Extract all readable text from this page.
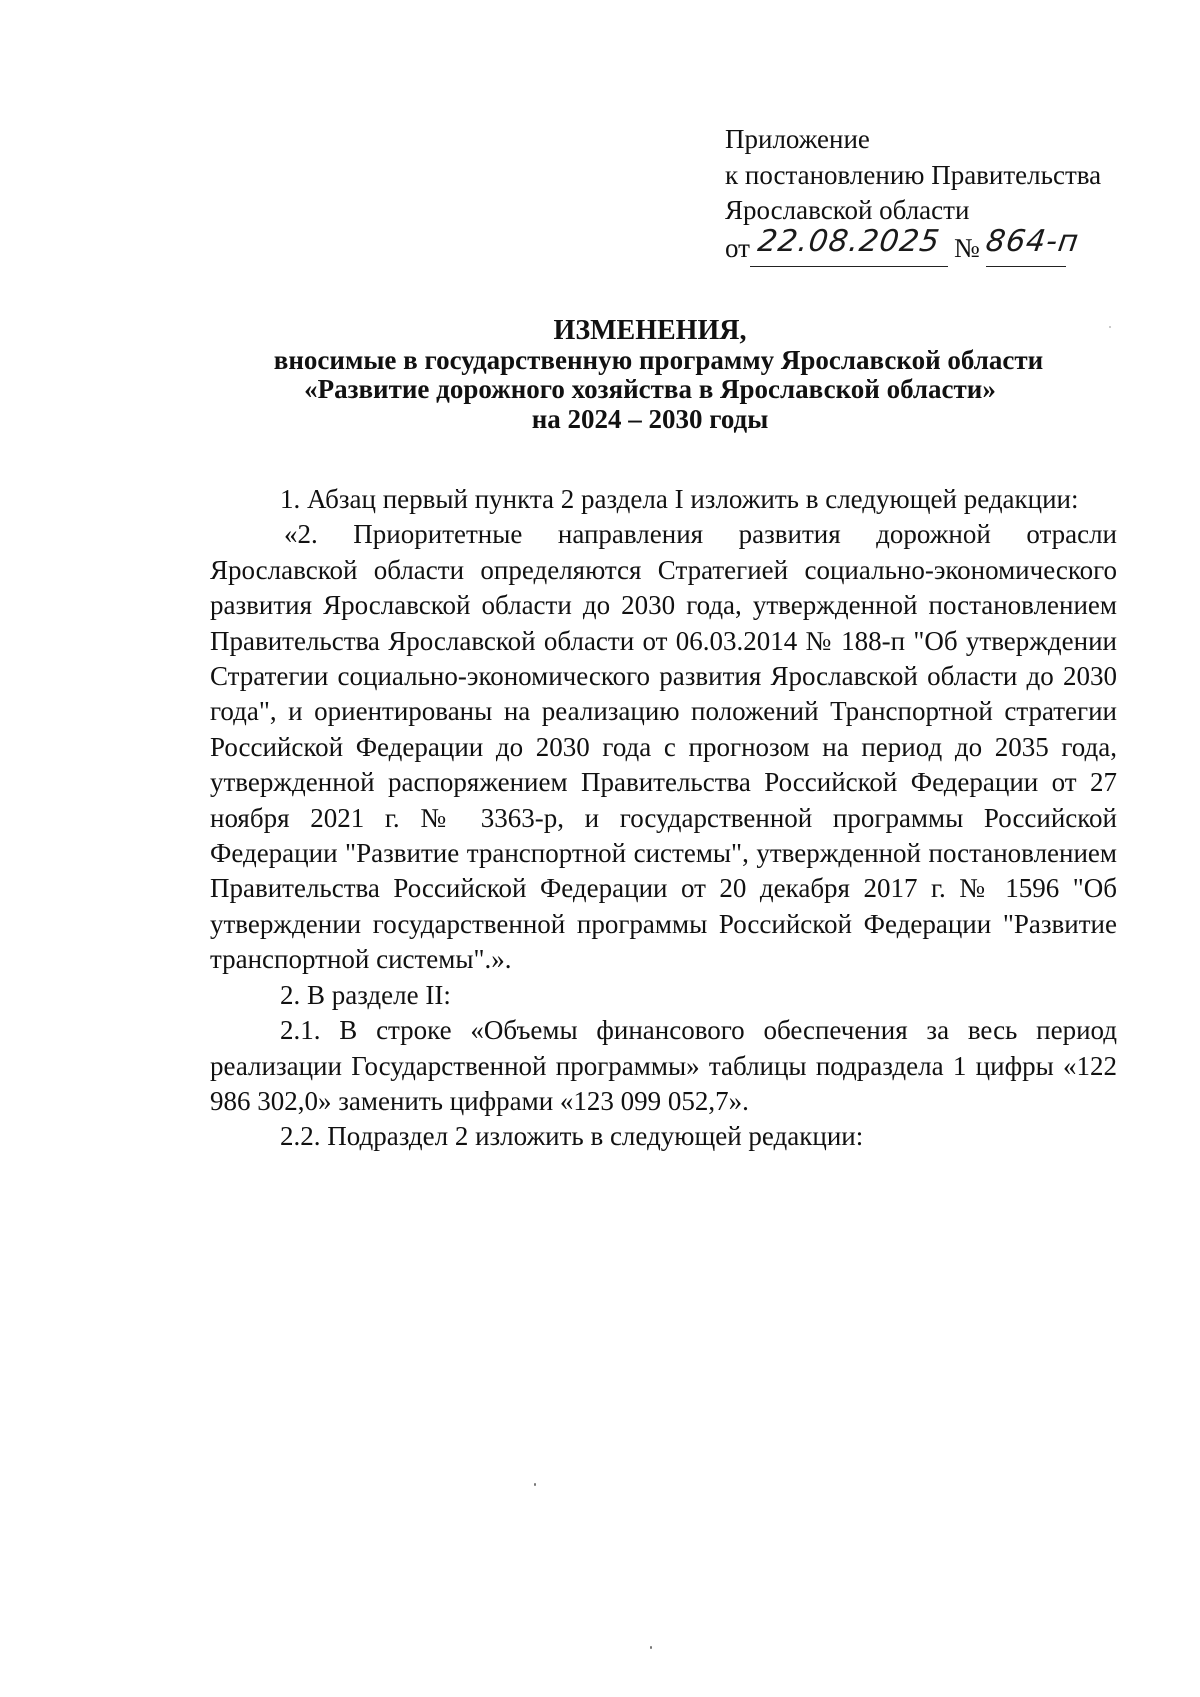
Приложение
к постановлению Правительства
Ярославской области
от 22.08.2025 № 864-п
ИЗМЕНЕНИЯ,
вносимые в государственную программу Ярославской области
«Развитие дорожного хозяйства в Ярославской области»
на 2024 – 2030 годы

1. Абзац первый пункта 2 раздела I изложить в следующей редакции:

«2. Приоритетные направления развития дорожной отрасли Ярославской области определяются Стратегией социально-экономического развития Ярославской области до 2030 года, утвержденной постановлением Правительства Ярославской области от 06.03.2014 № 188-п "Об утверждении Стратегии социально-экономического развития Ярославской области до 2030 года", и ориентированы на реализацию положений Транспортной стратегии Российской Федерации до 2030 года с прогнозом на период до 2035 года, утвержденной распоряжением Правительства Российской Федерации от 27 ноября 2021 г. № 3363-р, и государственной программы Российской Федерации "Развитие транспортной системы", утвержденной постановлением Правительства Российской Федерации от 20 декабря 2017 г. № 1596 "Об утверждении государственной программы Российской Федерации "Развитие транспортной системы".».

2. В разделе II:

2.1. В строке «Объемы финансового обеспечения за весь период реализации Государственной программы» таблицы подраздела 1 цифры «122 986 302,0» заменить цифрами «123 099 052,7».

2.2. Подраздел 2 изложить в следующей редакции:
